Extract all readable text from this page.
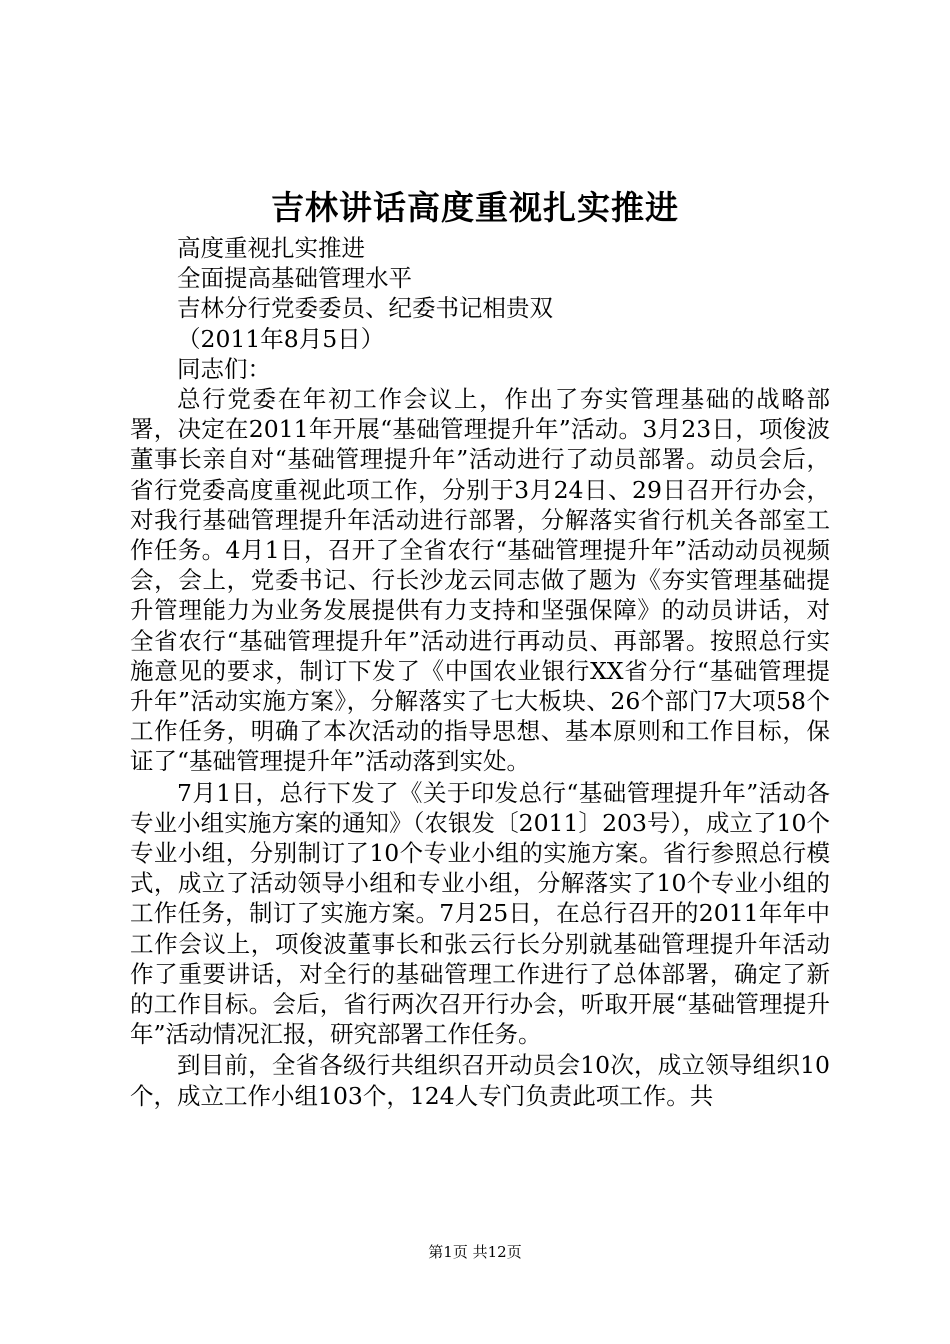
吉林讲话高度重视扎实推进
高度重视扎实推进
全面提高基础管理水平
吉林分行党委委员、纪委书记相贵双
（2011年8月5日）
同志们：

总行党委在年初工作会议上，作出了夯实管理基础的战略部署，决定在2011年开展“基础管理提升年”活动。3月23日，项俊波董事长亲自对“基础管理提升年”活动进行了动员部署。动员会后，省行党委高度重视此项工作，分别于3月24日、29日召开行办会，对我行基础管理提升年活动进行部署，分解落实省行机关各部室工作任务。4月1日，召开了全省农行“基础管理提升年”活动动员视频会，会上，党委书记、行长沙龙云同志做了题为《夯实管理基础提升管理能力为业务发展提供有力支持和坚强保障》的动员讲话，对全省农行“基础管理提升年”活动进行再动员、再部署。按照总行实施意见的要求，制订下发了《中国农业银行XX省分行“基础管理提升年”活动实施方案》，分解落实了七大板块、26个部门7大项58个工作任务，明确了本次活动的指导思想、基本原则和工作目标，保证了“基础管理提升年”活动落到实处。

7月1日，总行下发了《关于印发总行“基础管理提升年”活动各专业小组实施方案的通知》（农银发〔2011〕203号），成立了10个专业小组，分别制订了10个专业小组的实施方案。省行参照总行模式，成立了活动领导小组和专业小组，分解落实了10个专业小组的工作任务，制订了实施方案。7月25日，在总行召开的2011年年中工作会议上，项俊波董事长和张云行长分别就基础管理提升年活动作了重要讲话，对全行的基础管理工作进行了总体部署，确定了新的工作目标。会后，省行两次召开行办会，听取开展“基础管理提升年”活动情况汇报，研究部署工作任务。

到目前，全省各级行共组织召开动员会10次，成立领导组织10个，成立工作小组103个，124人专门负责此项工作。共

第1页 共12页
